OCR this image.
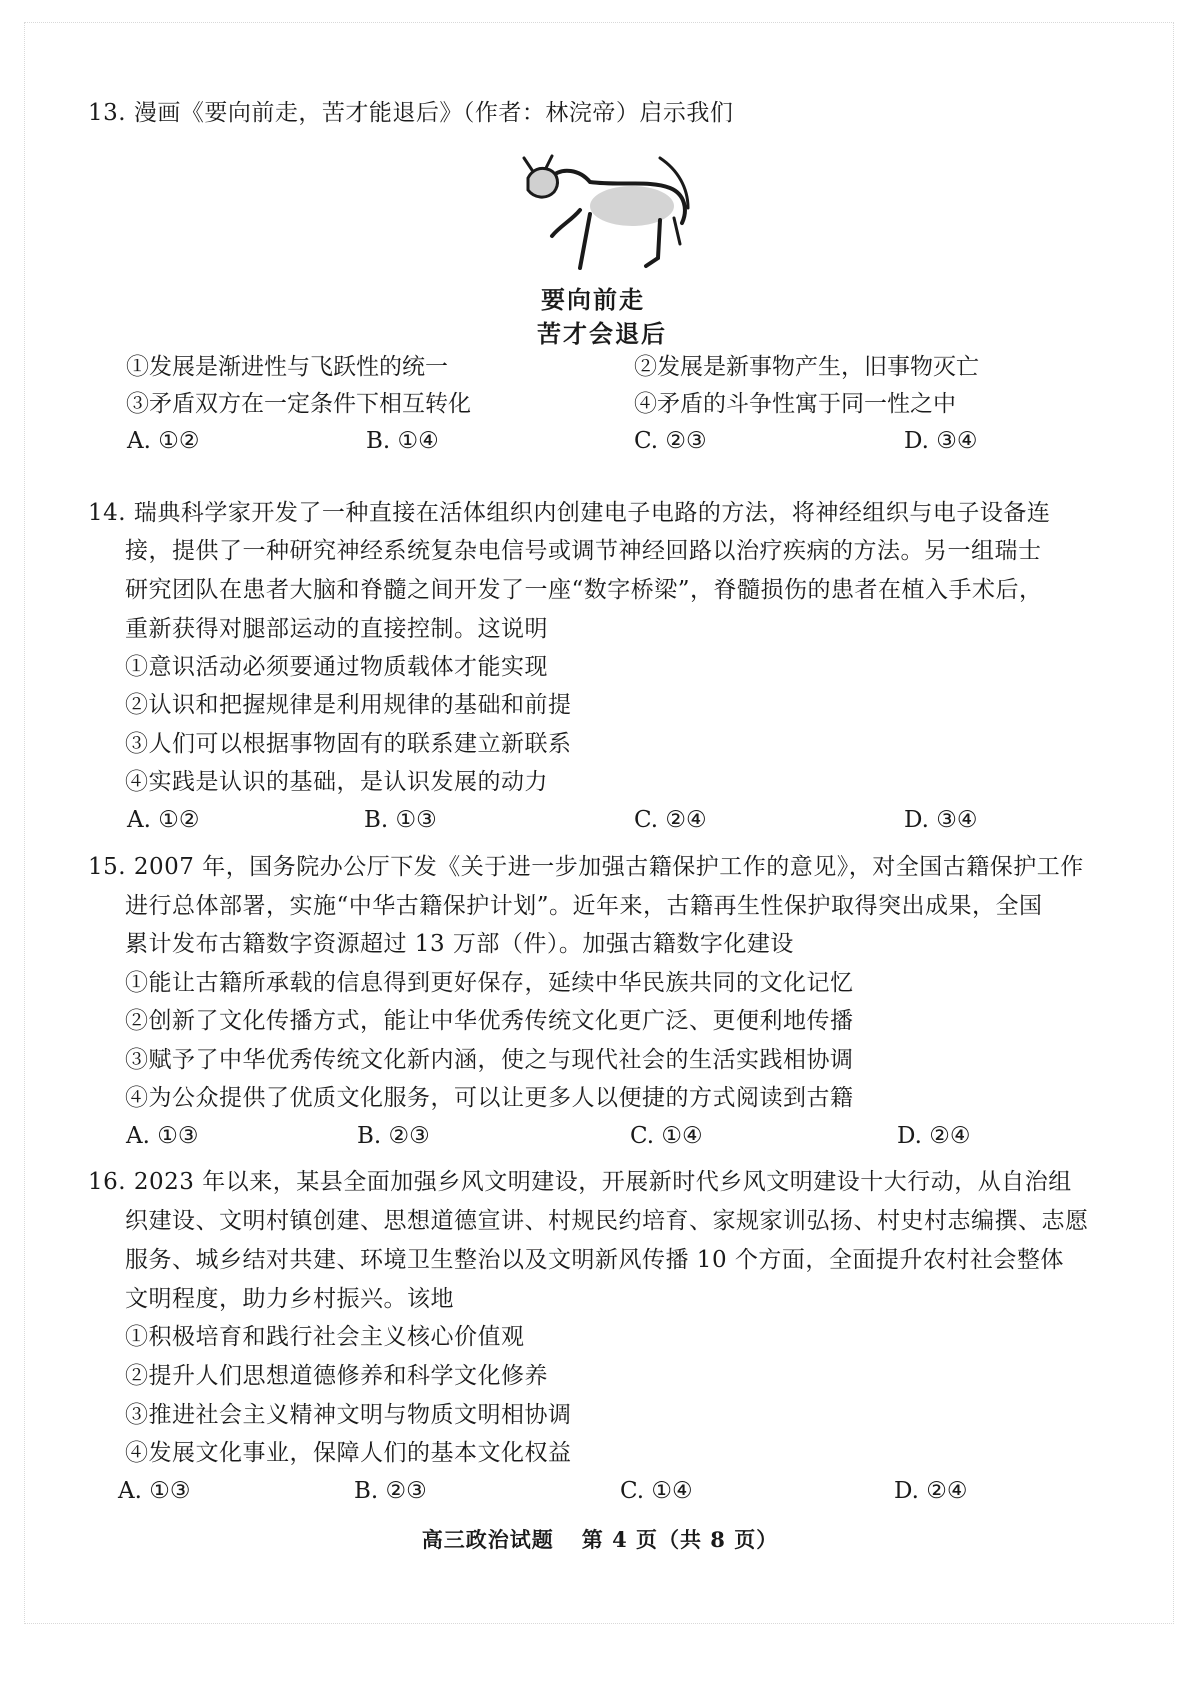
13. 漫画《要向前走，苦才能退后》（作者：林浣帝）启示我们
要向前走
苦才会退后
①发展是渐进性与飞跃性的统一	②发展是新事物产生，旧事物灭亡
③矛盾双方在一定条件下相互转化	④矛盾的斗争性寓于同一性之中
A. ①②	B. ①④	C. ②③	D. ③④
14. 瑞典科学家开发了一种直接在活体组织内创建电子电路的方法，将神经组织与电子设备连
接，提供了一种研究神经系统复杂电信号或调节神经回路以治疗疾病的方法。另一组瑞士
研究团队在患者大脑和脊髓之间开发了一座“数字桥梁”，脊髓损伤的患者在植入手术后，
重新获得对腿部运动的直接控制。这说明
①意识活动必须要通过物质载体才能实现
②认识和把握规律是利用规律的基础和前提
③人们可以根据事物固有的联系建立新联系
④实践是认识的基础，是认识发展的动力
A. ①②	B. ①③	C. ②④	D. ③④
15. 2007 年，国务院办公厅下发《关于进一步加强古籍保护工作的意见》，对全国古籍保护工作
进行总体部署，实施“中华古籍保护计划”。近年来，古籍再生性保护取得突出成果，全国
累计发布古籍数字资源超过 13 万部（件）。加强古籍数字化建设
①能让古籍所承载的信息得到更好保存，延续中华民族共同的文化记忆
②创新了文化传播方式，能让中华优秀传统文化更广泛、更便利地传播
③赋予了中华优秀传统文化新内涵，使之与现代社会的生活实践相协调
④为公众提供了优质文化服务，可以让更多人以便捷的方式阅读到古籍
A. ①③	B. ②③	C. ①④	D. ②④
16. 2023 年以来，某县全面加强乡风文明建设，开展新时代乡风文明建设十大行动，从自治组
织建设、文明村镇创建、思想道德宣讲、村规民约培育、家规家训弘扬、村史村志编撰、志愿
服务、城乡结对共建、环境卫生整治以及文明新风传播 10 个方面，全面提升农村社会整体
文明程度，助力乡村振兴。该地
①积极培育和践行社会主义核心价值观
②提升人们思想道德修养和科学文化修养
③推进社会主义精神文明与物质文明相协调
④发展文化事业，保障人们的基本文化权益
A. ①③	B. ②③	C. ①④	D. ②④
高三政治试题 第 4 页（共 8 页）
